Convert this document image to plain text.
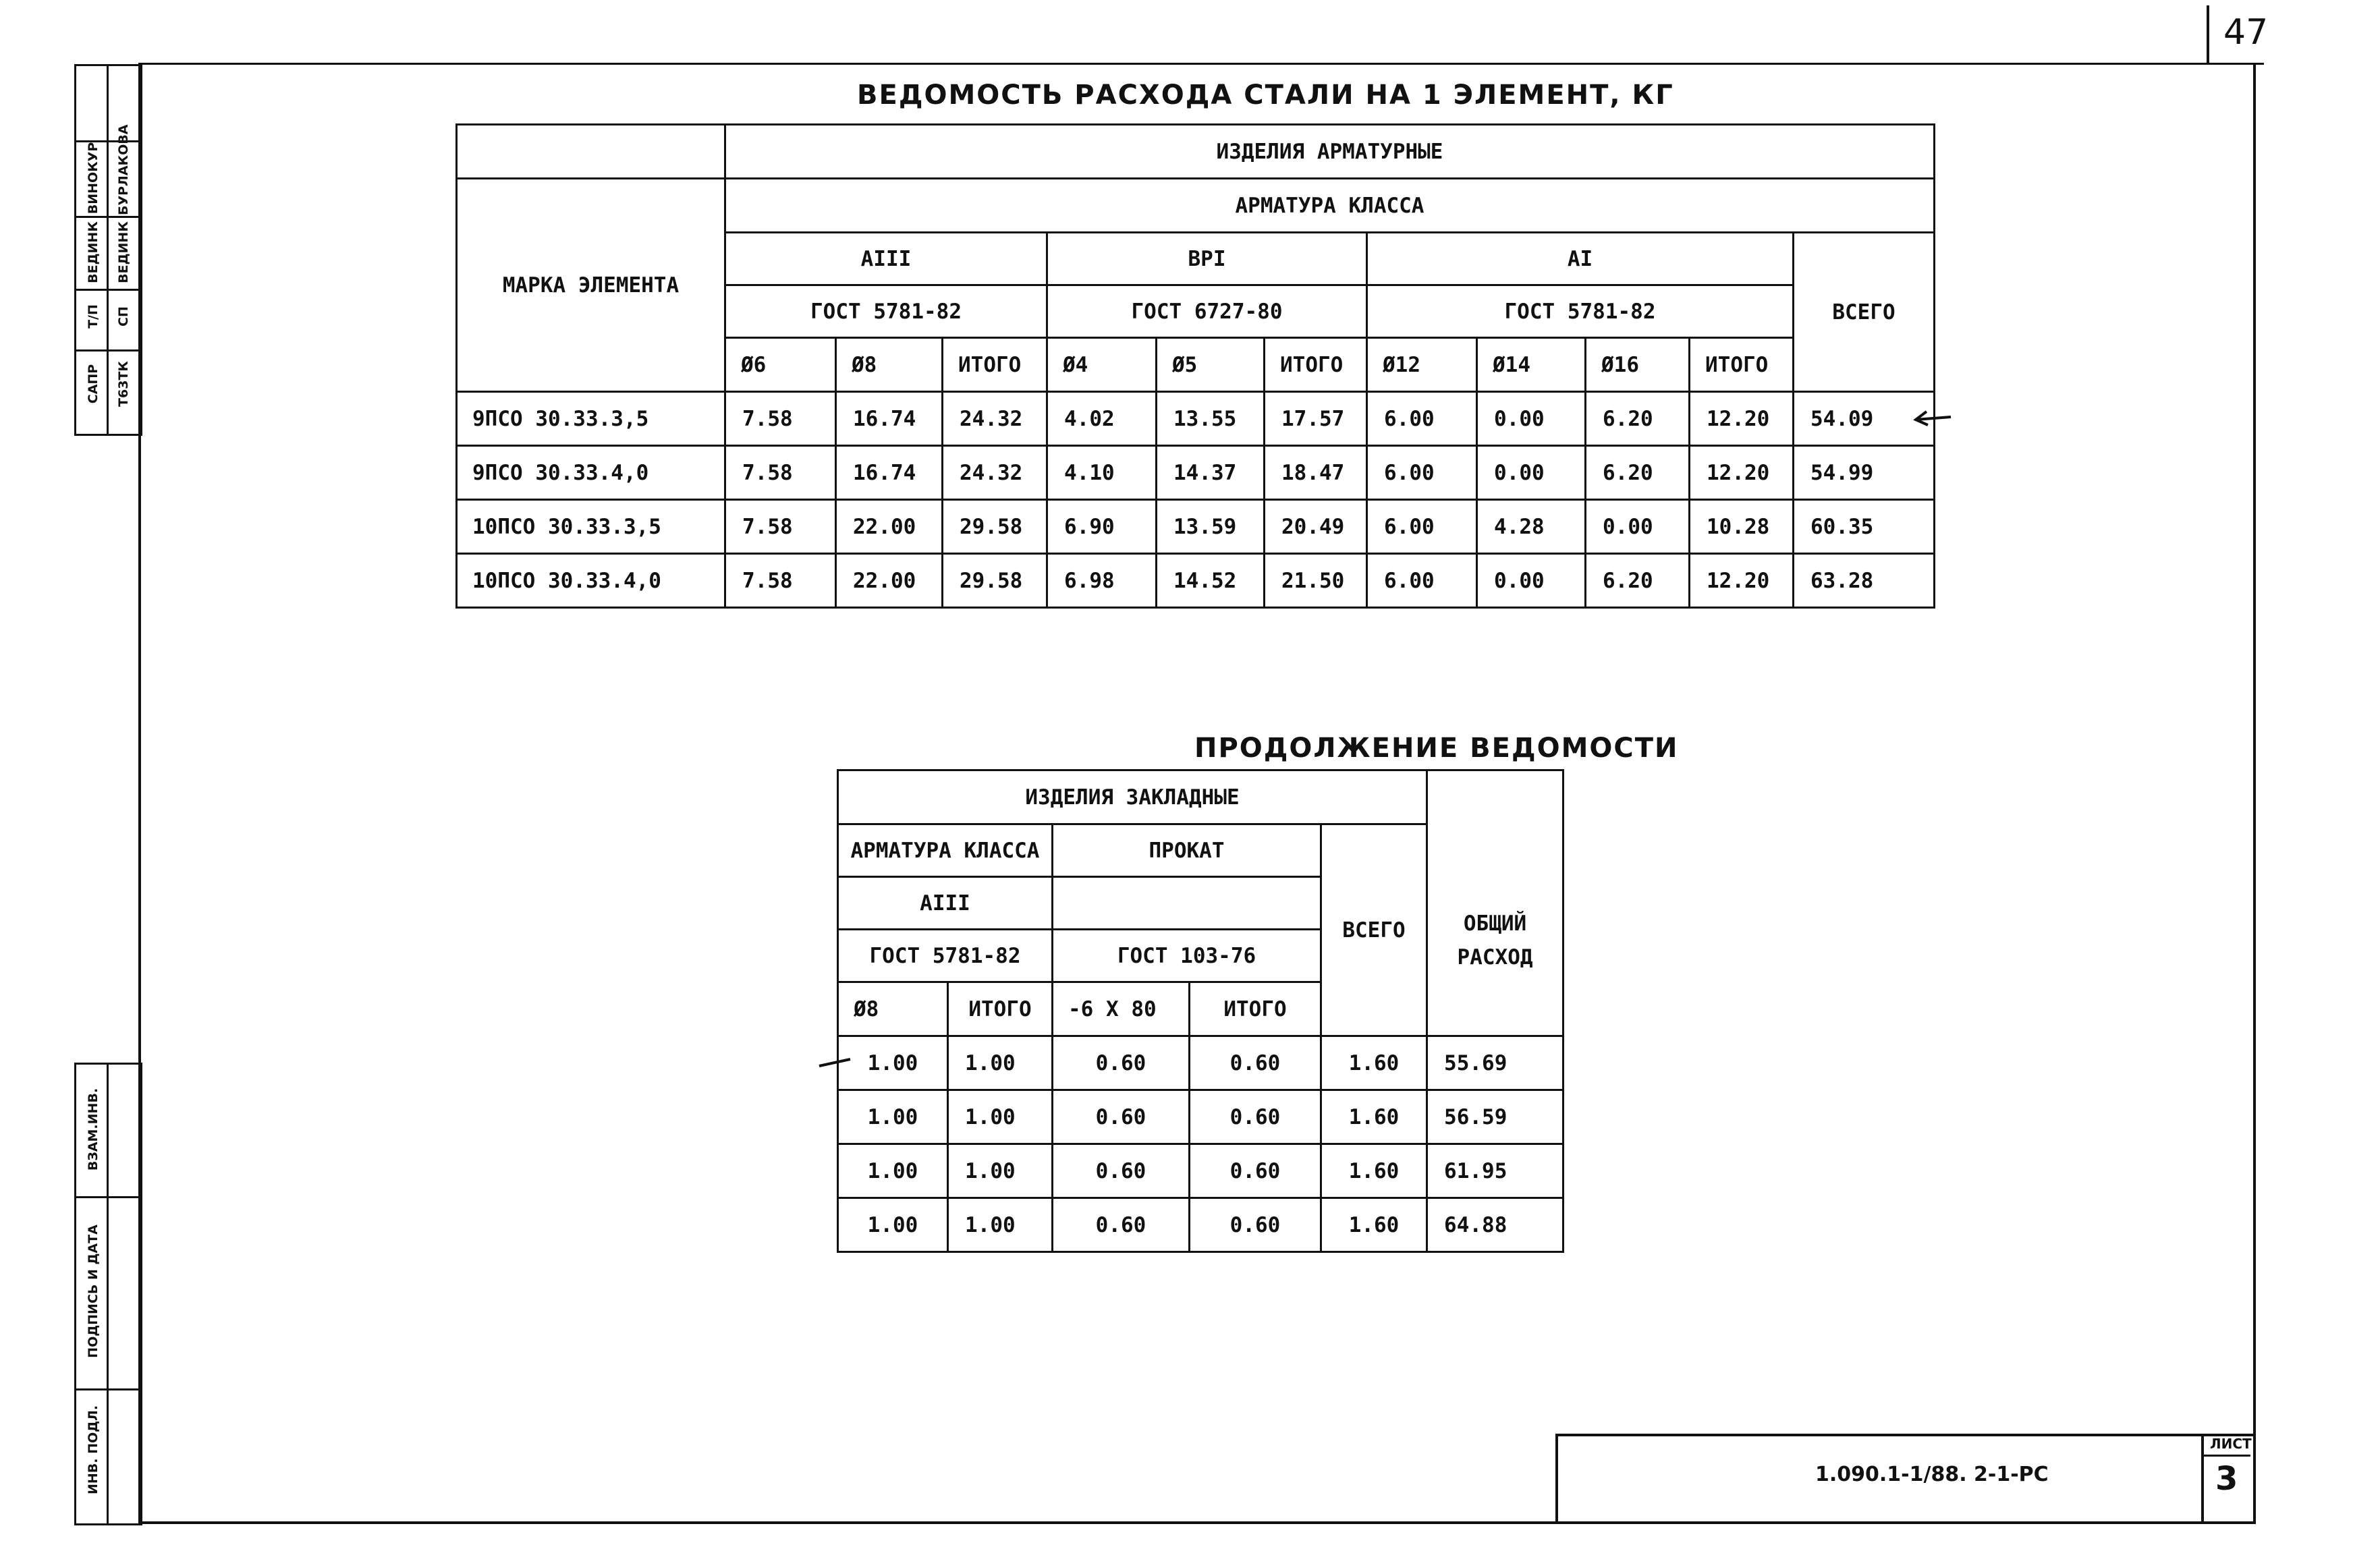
47
САПР
Т/П
ВЕДИНК
ВИНОКУР
Т63ТК
СП
ВЕДИНК
БУРЛАКОВА
ИНВ. ПОДЛ.
ПОДПИСЬ И ДАТА
ВЗАМ.ИНВ.
ВЕДОМОСТЬ РАСХОДА СТАЛИ НА 1 ЭЛЕМЕНТ, КГ
	ИЗДЕЛИЯ АРМАТУРНЫЕ										
МАРКА ЭЛЕМЕНТА	АРМАТУРА КЛАССА										
	AIII			BPI			AI				ВСЕГО
	ГОСТ 5781-82			ГОСТ 6727-80			ГОСТ 5781-82				
	Ø6	Ø8	ИТОГО	Ø4	Ø5	ИТОГО	Ø12	Ø14	Ø16	ИТОГО	
9ПСО 30.33.3,5	7.58	16.74	24.32	4.02	13.55	17.57	6.00	0.00	6.20	12.20	54.09
9ПСО 30.33.4,0	7.58	16.74	24.32	4.10	14.37	18.47	6.00	0.00	6.20	12.20	54.99
10ПСО 30.33.3,5	7.58	22.00	29.58	6.90	13.59	20.49	6.00	4.28	0.00	10.28	60.35
10ПСО 30.33.4,0	7.58	22.00	29.58	6.98	14.52	21.50	6.00	0.00	6.20	12.20	63.28
ПРОДОЛЖЕНИЕ ВЕДОМОСТИ
ИЗДЕЛИЯ ЗАКЛАДНЫЕ					ОБЩИЙ
РАСХОД

АРМАТУРА КЛАССА		ПРОКАТ		ВСЕГО	
AIII					
ГОСТ 5781-82		ГОСТ 103-76			
Ø8	ИТОГО	-6 X 80	ИТОГО		
1.00	1.00	0.60	0.60	1.60	55.69
1.00	1.00	0.60	0.60	1.60	56.59
1.00	1.00	0.60	0.60	1.60	61.95
1.00	1.00	0.60	0.60	1.60	64.88
1.090.1-1/88. 2-1-РС
ЛИСТ
3
